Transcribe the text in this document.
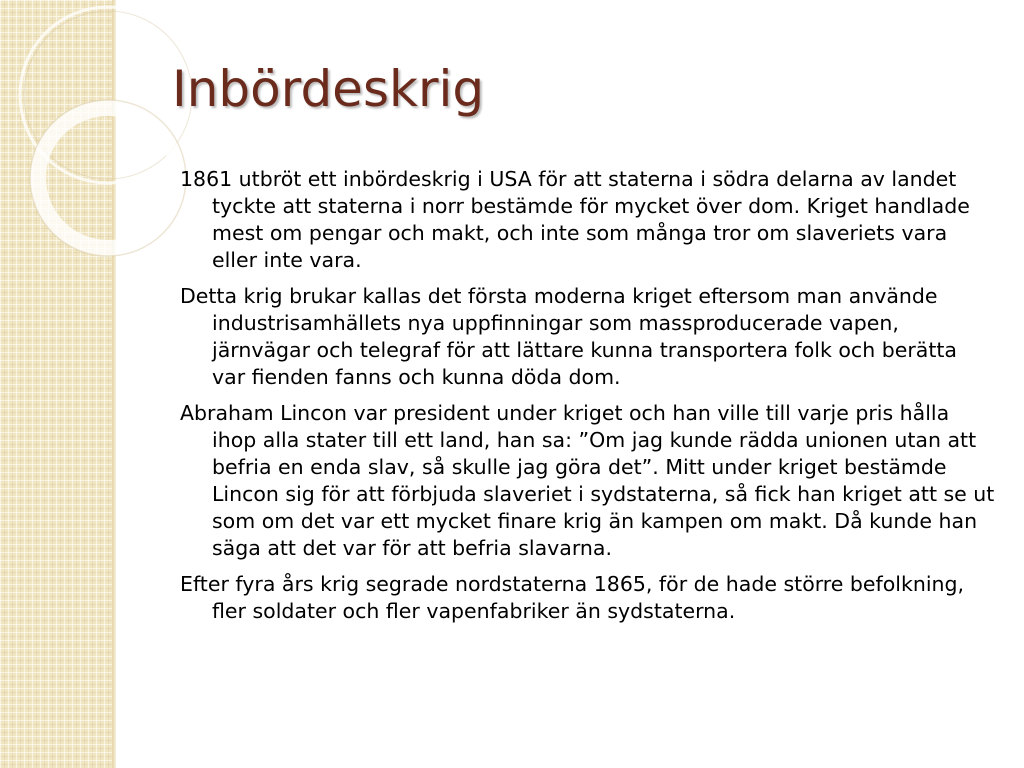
Inbördeskrig

1861 utbröt ett inbördeskrig i USA för att staterna i södra delarna av landet tyckte att staterna i norr bestämde för mycket över dom. Kriget handlade mest om pengar och makt, och inte som många tror om slaveriets vara eller inte vara.

Detta krig brukar kallas det första moderna kriget eftersom man använde industrisamhällets nya uppfinningar som massproducerade vapen, järnvägar och telegraf för att lättare kunna transportera folk och berätta var fienden fanns och kunna döda dom.

Abraham Lincon var president under kriget och han ville till varje pris hålla ihop alla stater till ett land, han sa: ”Om jag kunde rädda unionen utan att befria en enda slav, så skulle jag göra det”. Mitt under kriget bestämde Lincon sig för att förbjuda slaveriet i sydstaterna, så fick han kriget att se ut som om det var ett mycket finare krig än kampen om makt. Då kunde han säga att det var för att befria slavarna.

Efter fyra års krig segrade nordstaterna 1865, för de hade större befolkning, fler soldater och fler vapenfabriker än sydstaterna.
